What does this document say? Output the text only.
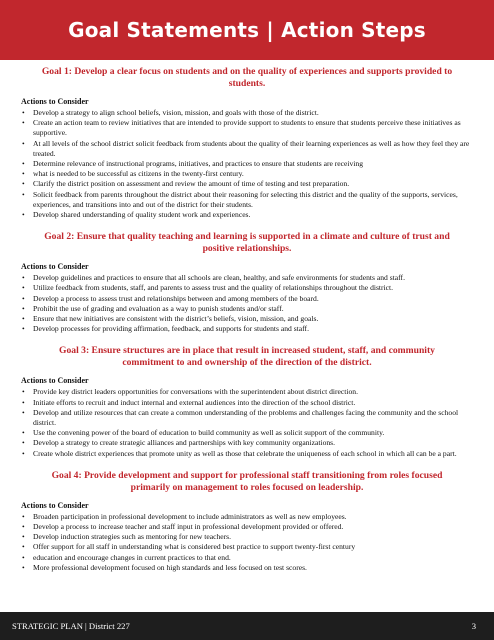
Goal Statements | Action Steps
Goal 1: Develop a clear focus on students and on the quality of experiences and supports provided to students.
Actions to Consider
• Develop a strategy to align school beliefs, vision, mission, and goals with those of the district.
• Create an action team to review initiatives that are intended to provide support to students to ensure that students perceive these initiatives as supportive.
• At all levels of the school district solicit feedback from students about the quality of their learning experiences as well as how they feel they are treated.
• Determine relevance of instructional programs, initiatives, and practices to ensure that students are receiving
• what is needed to be successful as citizens in the twenty-first century.
• Clarify the district position on assessment and review the amount of time of testing and test preparation.
• Solicit feedback from parents throughout the district about their reasoning for selecting this district and the quality of the supports, services, experiences, and transitions into and out of the district for their students.
• Develop shared understanding of quality student work and experiences.
Goal 2: Ensure that quality teaching and learning is supported in a climate and culture of trust and positive relationships.
Actions to Consider
• Develop guidelines and practices to ensure that all schools are clean, healthy, and safe environments for students and staff.
• Utilize feedback from students, staff, and parents to assess trust and the quality of relationships throughout the district.
• Develop a process to assess trust and relationships between and among members of the board.
• Prohibit the use of grading and evaluation as a way to punish students and/or staff.
• Ensure that new initiatives are consistent with the district’s beliefs, vision, mission, and goals.
• Develop processes for providing affirmation, feedback, and supports for students and staff.
Goal 3: Ensure structures are in place that result in increased student, staff, and community commitment to and ownership of the direction of the district.
Actions to Consider
• Provide key district leaders opportunities for conversations with the superintendent about district direction.
• Initiate efforts to recruit and induct internal and external audiences into the direction of the school district.
• Develop and utilize resources that can create a common understanding of the problems and challenges facing the community and the school district.
• Use the convening power of the board of education to build community as well as solicit support of the community.
• Develop a strategy to create strategic alliances and partnerships with key community organizations.
• Create whole district experiences that promote unity as well as those that celebrate the uniqueness of each school in which all can be a part.
Goal 4: Provide development and support for professional staff transitioning from roles focused primarily on management to roles focused on leadership.
Actions to Consider
• Broaden participation in professional development to include administrators as well as new employees.
• Develop a process to increase teacher and staff input in professional development provided or offered.
• Develop induction strategies such as mentoring for new teachers.
• Offer support for all staff in understanding what is considered best practice to support twenty-first century
• education and encourage changes in current practices to that end.
• More professional development focused on high standards and less focused on test scores.
STRATEGIC PLAN | District 227	3
